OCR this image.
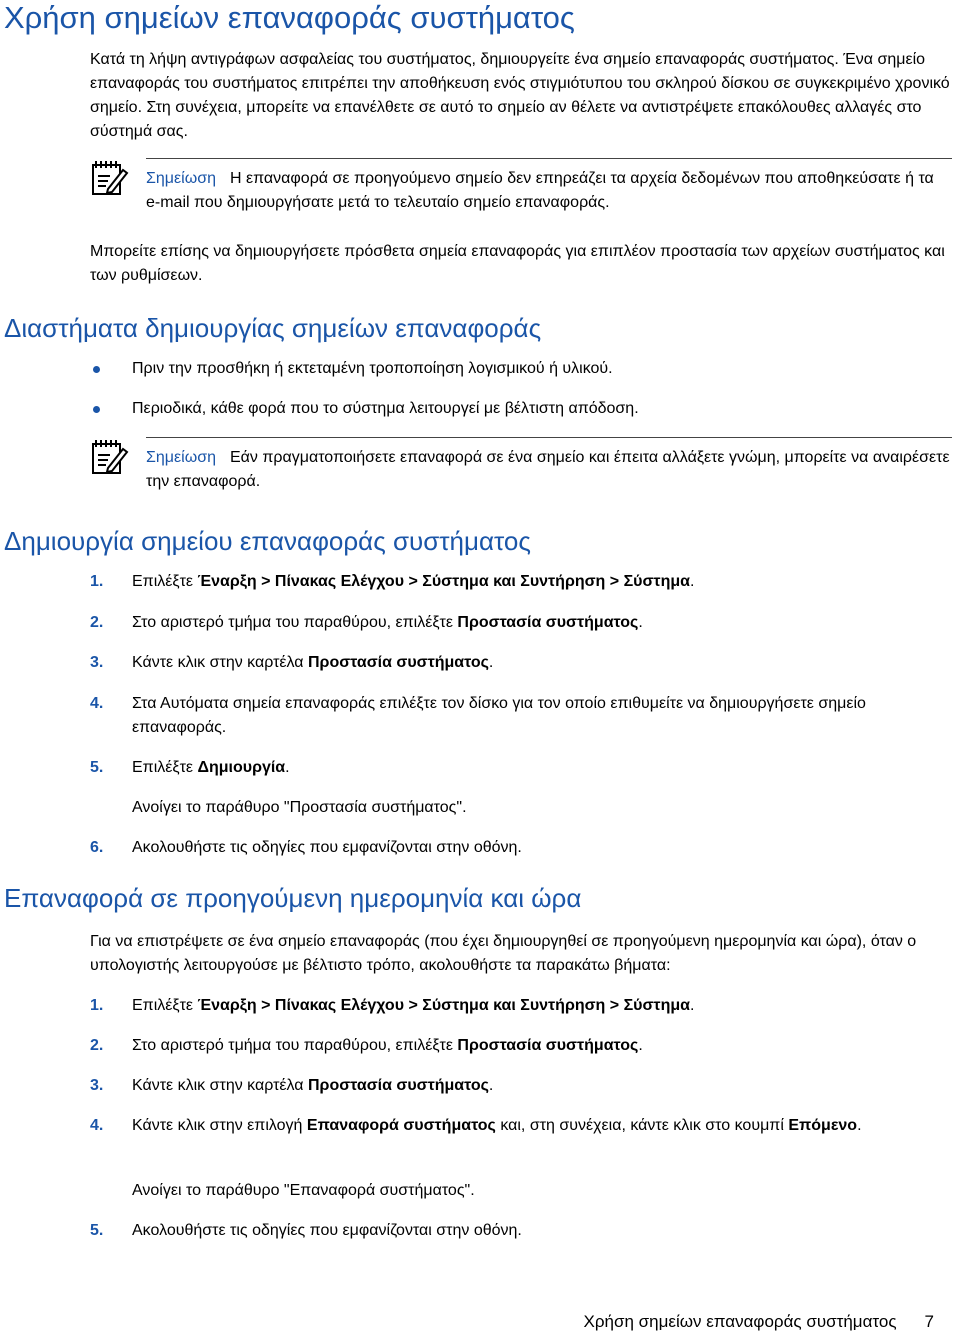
Χρήση σημείων επαναφοράς συστήματος

Κατά τη λήψη αντιγράφων ασφαλείας του συστήματος, δημιουργείτε ένα σημείο επαναφοράς συστήματος. Ένα σημείο επαναφοράς του συστήματος επιτρέπει την αποθήκευση ενός στιγμιότυπου του σκληρού δίσκου σε συγκεκριμένο χρονικό σημείο. Στη συνέχεια, μπορείτε να επανέλθετε σε αυτό το σημείο αν θέλετε να αντιστρέψετε επακόλουθες αλλαγές στο σύστημά σας.

Σημείωση Η επαναφορά σε προηγούμενο σημείο δεν επηρεάζει τα αρχεία δεδομένων που αποθηκεύσατε ή τα e-mail που δημιουργήσατε μετά το τελευταίο σημείο επαναφοράς.

Μπορείτε επίσης να δημιουργήσετε πρόσθετα σημεία επαναφοράς για επιπλέον προστασία των αρχείων συστήματος και των ρυθμίσεων.

Διαστήματα δημιουργίας σημείων επαναφοράς
Πριν την προσθήκη ή εκτεταμένη τροποποίηση λογισμικού ή υλικού.
Περιοδικά, κάθε φορά που το σύστημα λειτουργεί με βέλτιστη απόδοση.
Σημείωση Εάν πραγματοποιήσετε επαναφορά σε ένα σημείο και έπειτα αλλάξετε γνώμη, μπορείτε να αναιρέσετε την επαναφορά.
Δημιουργία σημείου επαναφοράς συστήματος
1. Επιλέξτε Έναρξη > Πίνακας Ελέγχου > Σύστημα και Συντήρηση > Σύστημα.
2. Στο αριστερό τμήμα του παραθύρου, επιλέξτε Προστασία συστήματος.
3. Κάντε κλικ στην καρτέλα Προστασία συστήματος.
4. Στα Αυτόματα σημεία επαναφοράς επιλέξτε τον δίσκο για τον οποίο επιθυμείτε να δημιουργήσετε σημείο επαναφοράς.
5. Επιλέξτε Δημιουργία.
Ανοίγει το παράθυρο "Προστασία συστήματος".
6. Ακολουθήστε τις οδηγίες που εμφανίζονται στην οθόνη.
Επαναφορά σε προηγούμενη ημερομηνία και ώρα

Για να επιστρέψετε σε ένα σημείο επαναφοράς (που έχει δημιουργηθεί σε προηγούμενη ημερομηνία και ώρα), όταν ο υπολογιστής λειτουργούσε με βέλτιστο τρόπο, ακολουθήστε τα παρακάτω βήματα:

1. Επιλέξτε Έναρξη > Πίνακας Ελέγχου > Σύστημα και Συντήρηση > Σύστημα.
2. Στο αριστερό τμήμα του παραθύρου, επιλέξτε Προστασία συστήματος.
3. Κάντε κλικ στην καρτέλα Προστασία συστήματος.
4. Κάντε κλικ στην επιλογή Επαναφορά συστήματος και, στη συνέχεια, κάντε κλικ στο κουμπί Επόμενο.
Ανοίγει το παράθυρο "Επαναφορά συστήματος".
5. Ακολουθήστε τις οδηγίες που εμφανίζονται στην οθόνη.
Χρήση σημείων επαναφοράς συστήματος 7
